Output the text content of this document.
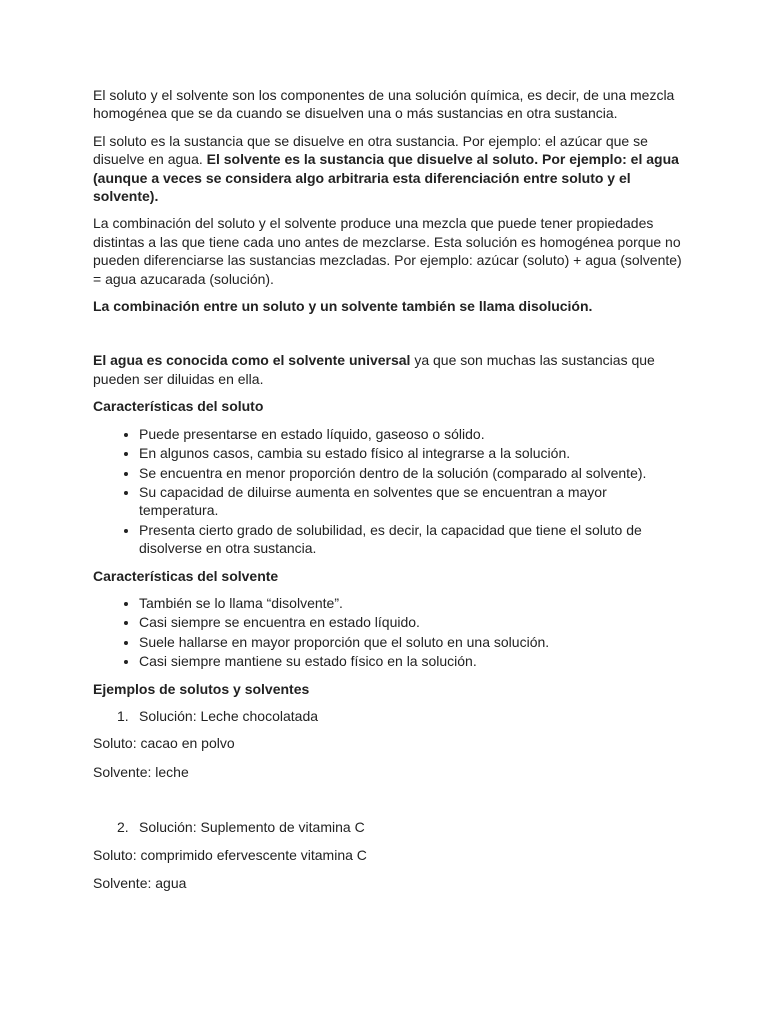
El soluto y el solvente son los componentes de una solución química, es decir, de una mezcla homogénea que se da cuando se disuelven una o más sustancias en otra sustancia.

El soluto es la sustancia que se disuelve en otra sustancia. Por ejemplo: el azúcar que se disuelve en agua. El solvente es la sustancia que disuelve al soluto. Por ejemplo: el agua (aunque a veces se considera algo arbitraria esta diferenciación entre soluto y el solvente).

La combinación del soluto y el solvente produce una mezcla que puede tener propiedades distintas a las que tiene cada uno antes de mezclarse. Esta solución es homogénea porque no pueden diferenciarse las sustancias mezcladas. Por ejemplo: azúcar (soluto) + agua (solvente) = agua azucarada (solución).

La combinación entre un soluto y un solvente también se llama disolución.

El agua es conocida como el solvente universal ya que son muchas las sustancias que pueden ser diluidas en ella.

Características del soluto
• Puede presentarse en estado líquido, gaseoso o sólido.
• En algunos casos, cambia su estado físico al integrarse a la solución.
• Se encuentra en menor proporción dentro de la solución (comparado al solvente).
• Su capacidad de diluirse aumenta en solventes que se encuentran a mayor temperatura.
• Presenta cierto grado de solubilidad, es decir, la capacidad que tiene el soluto de disolverse en otra sustancia.
Características del solvente
• También se lo llama “disolvente”.
• Casi siempre se encuentra en estado líquido.
• Suele hallarse en mayor proporción que el soluto en una solución.
• Casi siempre mantiene su estado físico en la solución.
Ejemplos de solutos y solventes
1. Solución: Leche chocolatada

Soluto: cacao en polvo

Solvente: leche

2. Solución: Suplemento de vitamina C

Soluto: comprimido efervescente vitamina C

Solvente: agua
